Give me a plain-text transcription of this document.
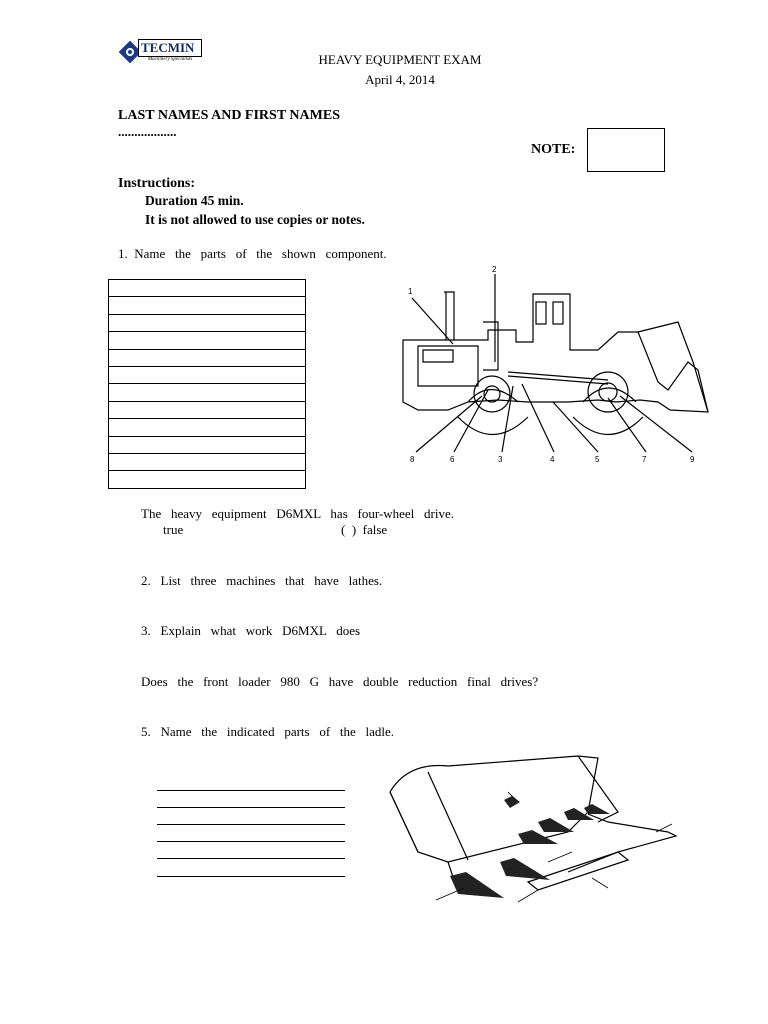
TECMIN
Machinery Specialists	HEAVY EQUIPMENT EXAM
April 4, 2014
LAST NAMES AND FIRST NAMES
..................
NOTE:
Instructions:
Duration 45 min.
It is not allowed to use copies or notes.
1.  Name   the   parts   of   the   shown   component.
1
2
8	6	3	4	5	7	9
The   heavy   equipment   D6MXL   has   four-wheel   drive.
true	(  )  false
2.   List   three   machines   that   have   lathes.
3.   Explain   what   work   D6MXL   does
Does   the   front   loader   980   G   have   double   reduction   final   drives?
5.   Name   the   indicated   parts   of   the   ladle.
